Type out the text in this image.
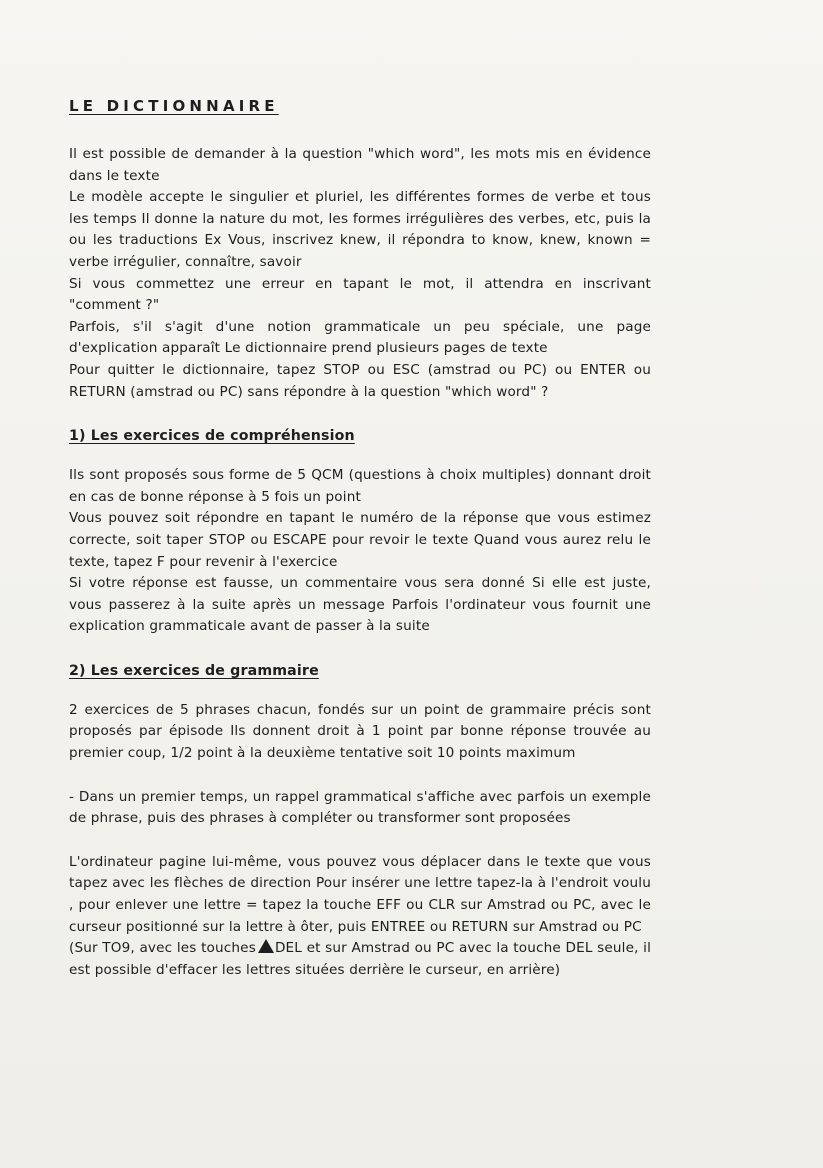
LE DICTIONNAIRE

Il est possible de demander à la question "which word", les mots mis en évidence dans le texte

Le modèle accepte le singulier et pluriel, les différentes formes de verbe et tous les temps Il donne la nature du mot, les formes irrégulières des verbes, etc, puis la ou les traductions Ex Vous, inscrivez knew, il répondra to know, knew, known = verbe irrégulier, connaître, savoir

Si vous commettez une erreur en tapant le mot, il attendra en inscrivant "comment ?"

Parfois, s'il s'agit d'une notion grammaticale un peu spéciale, une page d'explication apparaît Le dictionnaire prend plusieurs pages de texte

Pour quitter le dictionnaire, tapez STOP ou ESC (amstrad ou PC) ou ENTER ou RETURN (amstrad ou PC) sans répondre à la question "which word" ?

1) Les exercices de compréhension

Ils sont proposés sous forme de 5 QCM (questions à choix multiples) donnant droit en cas de bonne réponse à 5 fois un point

Vous pouvez soit répondre en tapant le numéro de la réponse que vous estimez correcte, soit taper STOP ou ESCAPE pour revoir le texte Quand vous aurez relu le texte, tapez F pour revenir à l'exercice

Si votre réponse est fausse, un commentaire vous sera donné Si elle est juste, vous passerez à la suite après un message Parfois l'ordinateur vous fournit une explication grammaticale avant de passer à la suite

2) Les exercices de grammaire

2 exercices de 5 phrases chacun, fondés sur un point de grammaire précis sont proposés par épisode Ils donnent droit à 1 point par bonne réponse trouvée au premier coup, 1/2 point à la deuxième tentative soit 10 points maximum

- Dans un premier temps, un rappel grammatical s'affiche avec parfois un exemple de phrase, puis des phrases à compléter ou transformer sont proposées

L'ordinateur pagine lui-même, vous pouvez vous déplacer dans le texte que vous tapez avec les flèches de direction Pour insérer une lettre tapez-la à l'endroit voulu , pour enlever une lettre = tapez la touche EFF ou CLR sur Amstrad ou PC, avec le curseur positionné sur la lettre à ôter, puis ENTREE ou RETURN sur Amstrad ou PC

(Sur TO9, avec les touches DEL et sur Amstrad ou PC avec la touche DEL seule, il est possible d'effacer les lettres situées derrière le curseur, en arrière)
